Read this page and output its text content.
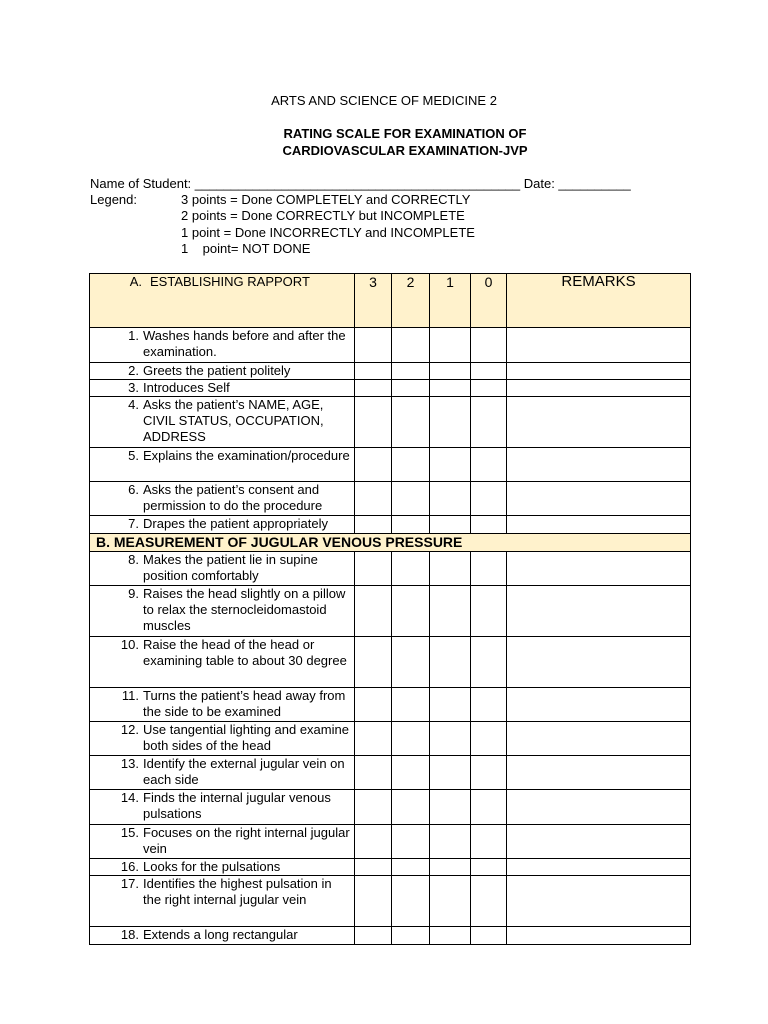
ARTS AND SCIENCE OF MEDICINE 2
RATING SCALE FOR EXAMINATION OF
CARDIOVASCULAR EXAMINATION-JVP
Name of Student: _____________________________________________ Date: __________
Legend:	3 points = Done COMPLETELY and CORRECTLY
2 points = Done CORRECTLY but INCOMPLETE
1 point = Done INCORRECTLY and INCOMPLETE
1    point= NOT DONE
A. ESTABLISHING RAPPORT	3	2	1	0	REMARKS

1. Washes hands before and after the examination.					

2. Greets the patient politely					

3. Introduces Self					

4. Asks the patient’s NAME, AGE, CIVIL STATUS, OCCUPATION, ADDRESS					

5. Explains the examination/procedure					

6. Asks the patient’s consent and permission to do the procedure					

7. Drapes the patient appropriately					

B. MEASUREMENT OF JUGULAR VENOUS PRESSURE					

8. Makes the patient lie in supine position comfortably					

9. Raises the head slightly on a pillow to relax the sternocleidomastoid muscles					

10. Raise the head of the head or examining table to about 30 degree					

11. Turns the patient’s head away from the side to be examined					

12. Use tangential lighting and examine both sides of the head					

13. Identify the external jugular vein on each side					

14. Finds the internal jugular venous pulsations					

15. Focuses on the right internal jugular vein					

16. Looks for the pulsations					

17. Identifies the highest pulsation in the right internal jugular vein					

18. Extends a long rectangular					
